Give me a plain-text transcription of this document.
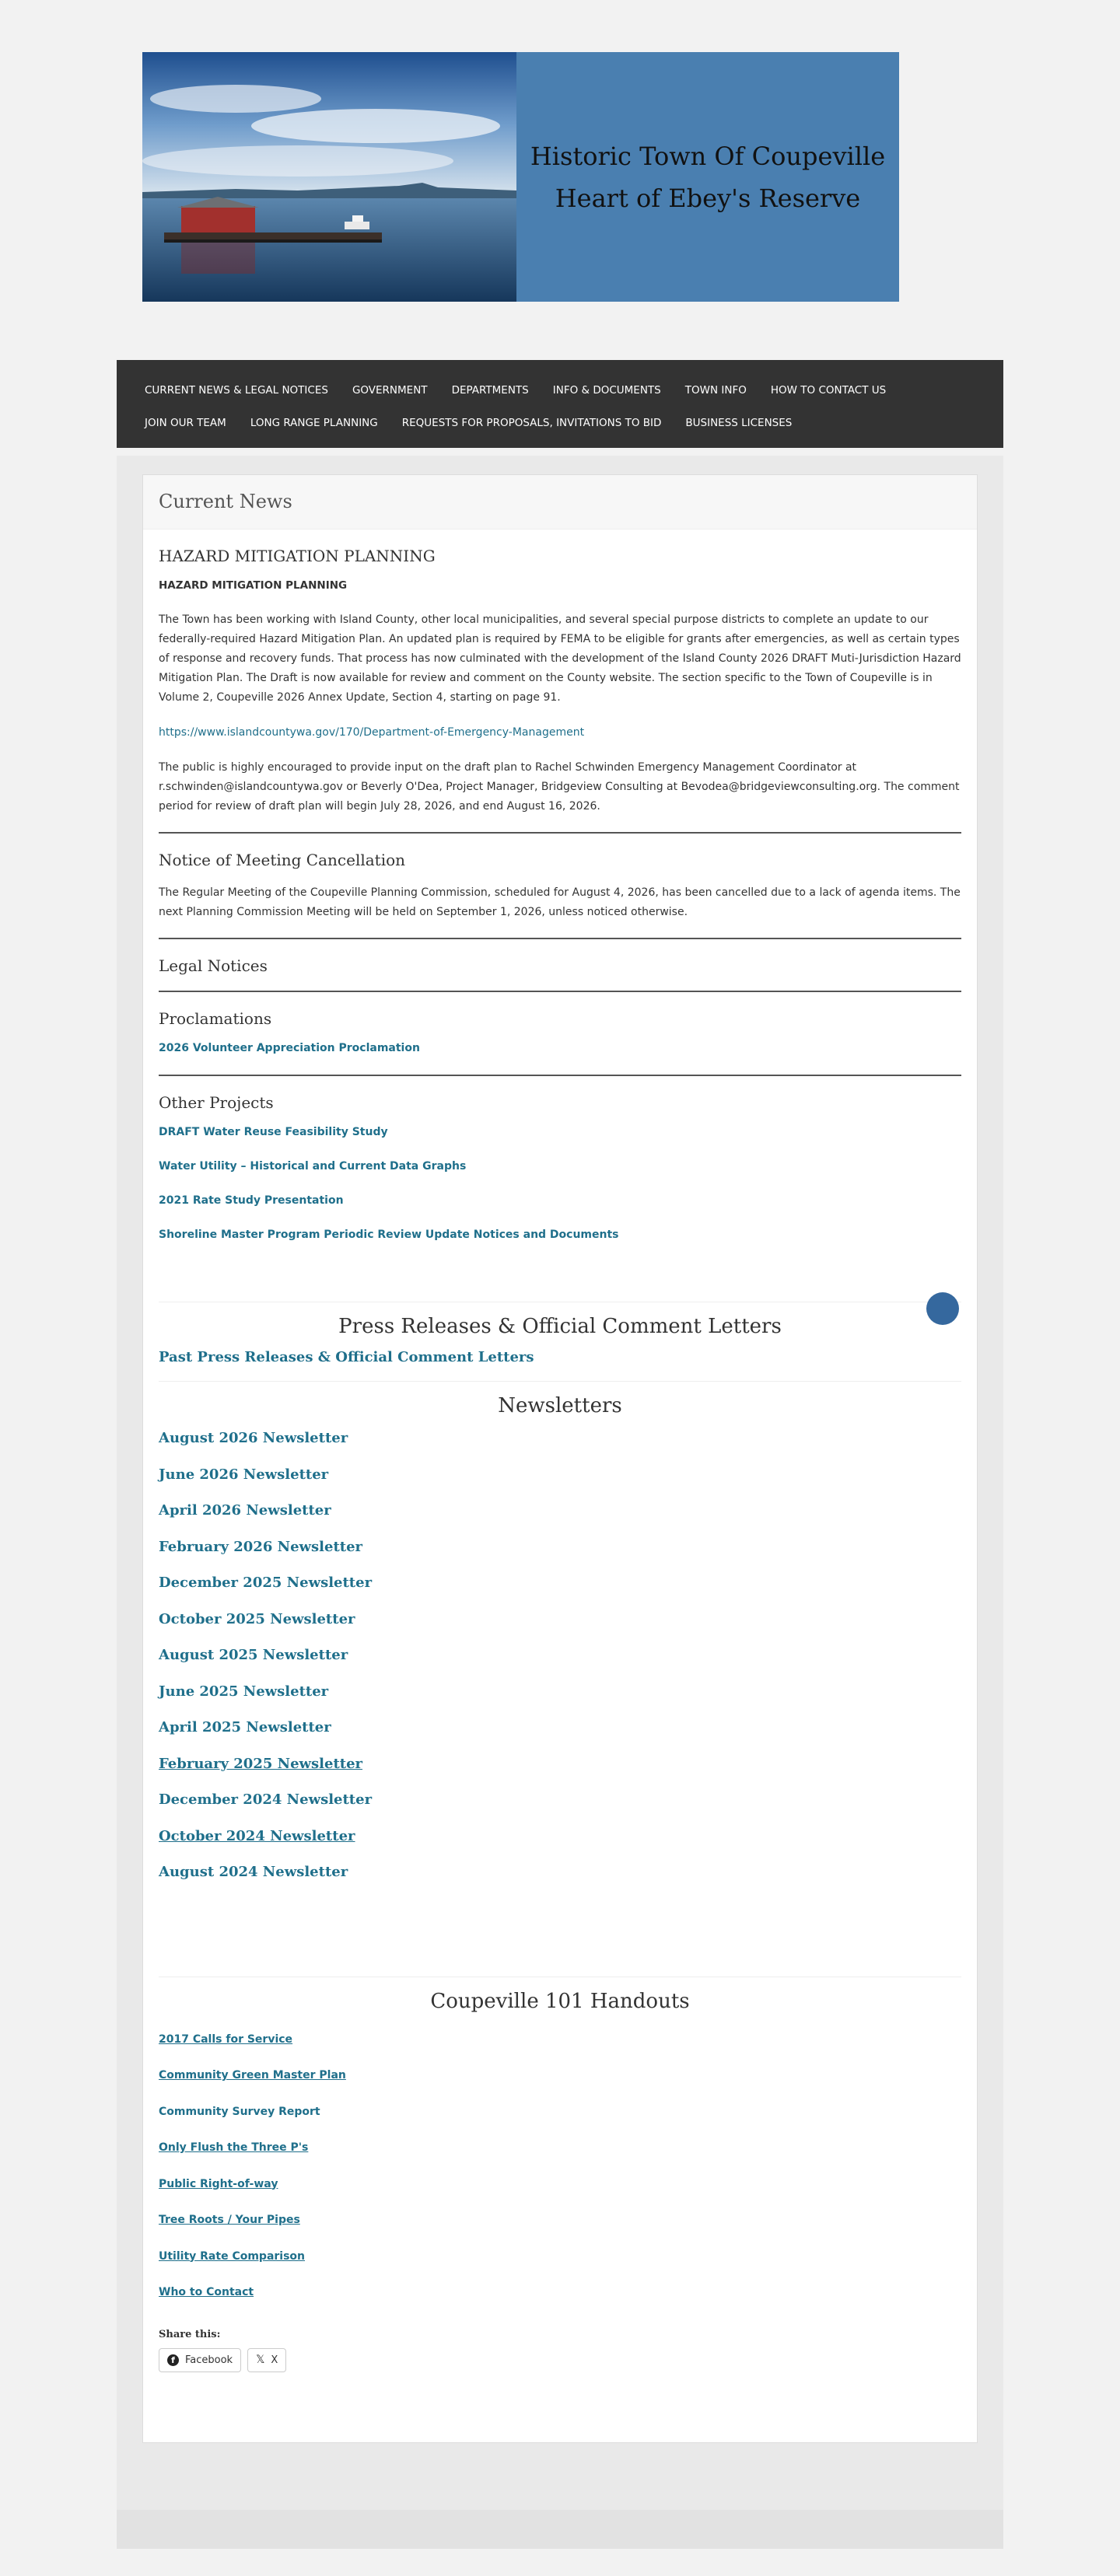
Historic Town Of Coupeville
Heart of Ebey's Reserve
CURRENT NEWS & LEGAL NOTICES	GOVERNMENT	DEPARTMENTS	INFO & DOCUMENTS	TOWN INFO	HOW TO CONTACT US
JOIN OUR TEAM	LONG RANGE PLANNING	REQUESTS FOR PROPOSALS, INVITATIONS TO BID	BUSINESS LICENSES
Current News
HAZARD MITIGATION PLANNING
HAZARD MITIGATION PLANNING

The Town has been working with Island County, other local municipalities, and several special purpose districts to complete an update to our federally-required Hazard Mitigation Plan. An updated plan is required by FEMA to be eligible for grants after emergencies, as well as certain types of response and recovery funds. That process has now culminated with the development of the Island County 2026 DRAFT Muti-Jurisdiction Hazard Mitigation Plan. The Draft is now available for review and comment on the County website. The section specific to the Town of Coupeville is in Volume 2, Coupeville 2026 Annex Update, Section 4, starting on page 91.

https://www.islandcountywa.gov/170/Department-of-Emergency-Management

The public is highly encouraged to provide input on the draft plan to Rachel Schwinden Emergency Management Coordinator at r.schwinden@islandcountywa.gov or Beverly O'Dea, Project Manager, Bridgeview Consulting at Bevodea@bridgeviewconsulting.org. The comment period for review of draft plan will begin July 28, 2026, and end August 16, 2026.

Notice of Meeting Cancellation

The Regular Meeting of the Coupeville Planning Commission, scheduled for August 4, 2026, has been cancelled due to a lack of agenda items. The next Planning Commission Meeting will be held on September 1, 2026, unless noticed otherwise.

Legal Notices
Proclamations
2026 Volunteer Appreciation Proclamation
Other Projects
DRAFT Water Reuse Feasibility Study
Water Utility – Historical and Current Data Graphs
2021 Rate Study Presentation
Shoreline Master Program Periodic Review Update Notices and Documents
Press Releases & Official Comment Letters
Past Press Releases & Official Comment Letters
Newsletters
August 2026 Newsletter
June 2026 Newsletter
April 2026 Newsletter
February 2026 Newsletter
December 2025 Newsletter
October 2025 Newsletter
August 2025 Newsletter
June 2025 Newsletter
April 2025 Newsletter
February 2025 Newsletter
December 2024 Newsletter
October 2024 Newsletter
August 2024 Newsletter
Coupeville 101 Handouts
2017 Calls for Service
Community Green Master Plan
Community Survey Report
Only Flush the Three P's
Public Right-of-way
Tree Roots / Your Pipes
Utility Rate Comparison
Who to Contact
Share this:
f	Facebook 𝕏 X
